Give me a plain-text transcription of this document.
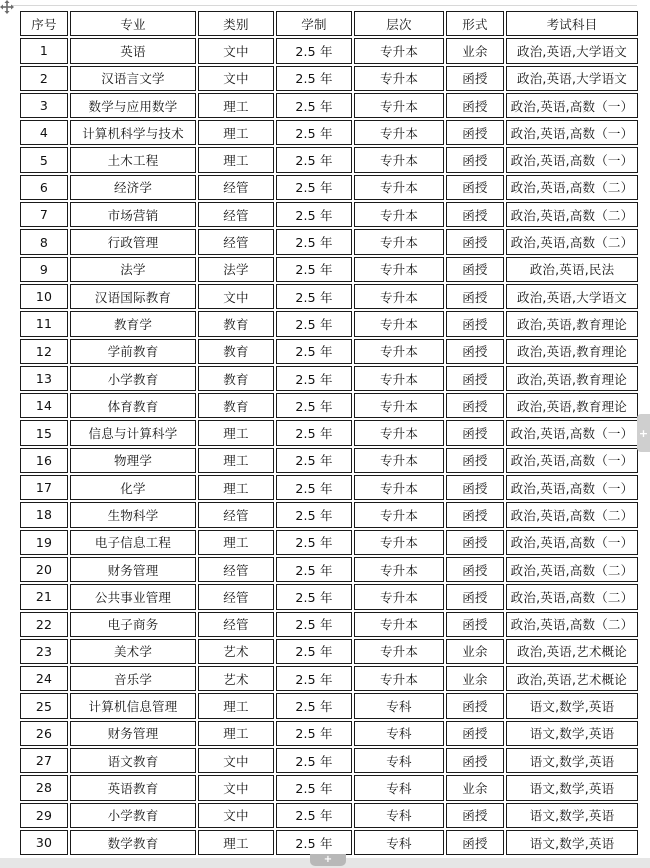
序号	专业	类别	学制	层次	形式	考试科目
1	英语	文中	2.5 年	专升本	业余	政治,英语,大学语文
2	汉语言文学	文中	2.5 年	专升本	函授	政治,英语,大学语文
3	数学与应用数学	理工	2.5 年	专升本	函授	政治,英语,高数（一）
4	计算机科学与技术	理工	2.5 年	专升本	函授	政治,英语,高数（一）
5	土木工程	理工	2.5 年	专升本	函授	政治,英语,高数（一）
6	经济学	经管	2.5 年	专升本	函授	政治,英语,高数（二）
7	市场营销	经管	2.5 年	专升本	函授	政治,英语,高数（二）
8	行政管理	经管	2.5 年	专升本	函授	政治,英语,高数（二）
9	法学	法学	2.5 年	专升本	函授	政治,英语,民法
10	汉语国际教育	文中	2.5 年	专升本	函授	政治,英语,大学语文
11	教育学	教育	2.5 年	专升本	函授	政治,英语,教育理论
12	学前教育	教育	2.5 年	专升本	函授	政治,英语,教育理论
13	小学教育	教育	2.5 年	专升本	函授	政治,英语,教育理论
14	体育教育	教育	2.5 年	专升本	函授	政治,英语,教育理论
15	信息与计算科学	理工	2.5 年	专升本	函授	政治,英语,高数（一）
16	物理学	理工	2.5 年	专升本	函授	政治,英语,高数（一）
17	化学	理工	2.5 年	专升本	函授	政治,英语,高数（一）
18	生物科学	经管	2.5 年	专升本	函授	政治,英语,高数（二）
19	电子信息工程	理工	2.5 年	专升本	函授	政治,英语,高数（一）
20	财务管理	经管	2.5 年	专升本	函授	政治,英语,高数（二）
21	公共事业管理	经管	2.5 年	专升本	函授	政治,英语,高数（二）
22	电子商务	经管	2.5 年	专升本	函授	政治,英语,高数（二）
23	美术学	艺术	2.5 年	专升本	业余	政治,英语,艺术概论
24	音乐学	艺术	2.5 年	专升本	业余	政治,英语,艺术概论
25	计算机信息管理	理工	2.5 年	专科	函授	语文,数学,英语
26	财务管理	理工	2.5 年	专科	函授	语文,数学,英语
27	语文教育	文中	2.5 年	专科	函授	语文,数学,英语
28	英语教育	文中	2.5 年	专科	业余	语文,数学,英语
29	小学教育	文中	2.5 年	专科	函授	语文,数学,英语
30	数学教育	理工	2.5 年	专科	函授	语文,数学,英语
+
+
